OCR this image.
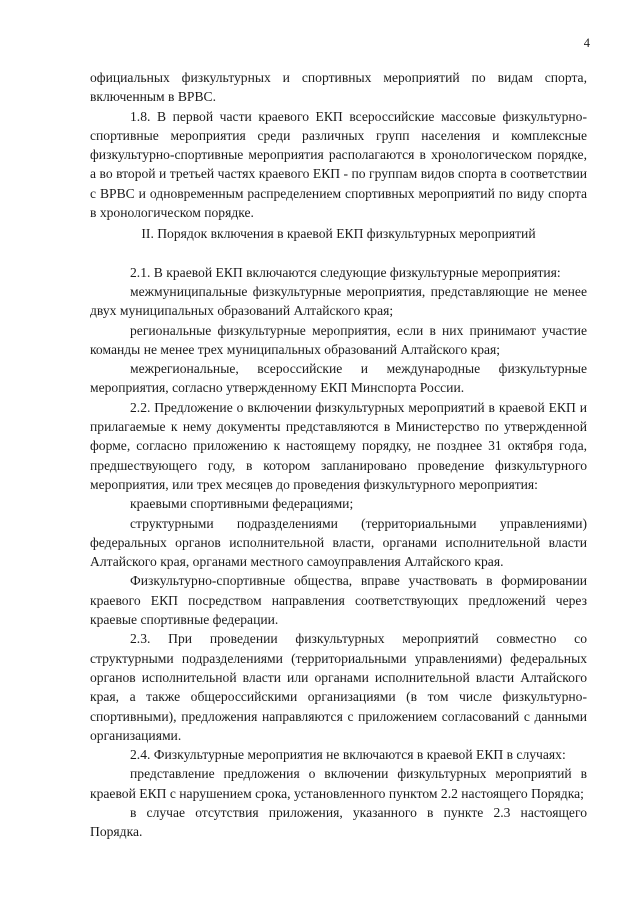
4

официальных физкультурных и спортивных мероприятий по видам спорта, включенным в ВРВС.

1.8. В первой части краевого ЕКП всероссийские массовые физкультурно-спортивные мероприятия среди различных групп населения и комплексные физкультурно-спортивные мероприятия располагаются в хронологическом порядке, а во второй и третьей частях краевого ЕКП - по группам видов спорта в соответствии с ВРВС и одновременным распределением спортивных мероприятий по виду спорта в хронологическом порядке.

II. Порядок включения в краевой ЕКП физкультурных мероприятий

2.1. В краевой ЕКП включаются следующие физкультурные мероприятия:

межмуниципальные физкультурные мероприятия, представляющие не менее двух муниципальных образований Алтайского края;

региональные физкультурные мероприятия, если в них принимают участие команды не менее трех муниципальных образований Алтайского края;

межрегиональные, всероссийские и международные физкультурные мероприятия, согласно утвержденному ЕКП Минспорта России.

2.2. Предложение о включении физкультурных мероприятий в краевой ЕКП и прилагаемые к нему документы представляются в Министерство по утвержденной форме, согласно приложению к настоящему порядку, не позднее 31 октября года, предшествующего году, в котором запланировано проведение физкультурного мероприятия, или трех месяцев до проведения физкультурного мероприятия:

краевыми спортивными федерациями;

структурными подразделениями (территориальными управлениями) федеральных органов исполнительной власти, органами исполнительной власти Алтайского края, органами местного самоуправления Алтайского края.

Физкультурно-спортивные общества, вправе участвовать в формировании краевого ЕКП посредством направления соответствующих предложений через краевые спортивные федерации.

2.3. При проведении физкультурных мероприятий совместно со структурными подразделениями (территориальными управлениями) федеральных органов исполнительной власти или органами исполнительной власти Алтайского края, а также общероссийскими организациями (в том числе физкультурно-спортивными), предложения направляются с приложением согласований с данными организациями.

2.4. Физкультурные мероприятия не включаются в краевой ЕКП в случаях:

представление предложения о включении физкультурных мероприятий в краевой ЕКП с нарушением срока, установленного пунктом 2.2 настоящего Порядка;

в случае отсутствия приложения, указанного в пункте 2.3 настоящего Порядка.
